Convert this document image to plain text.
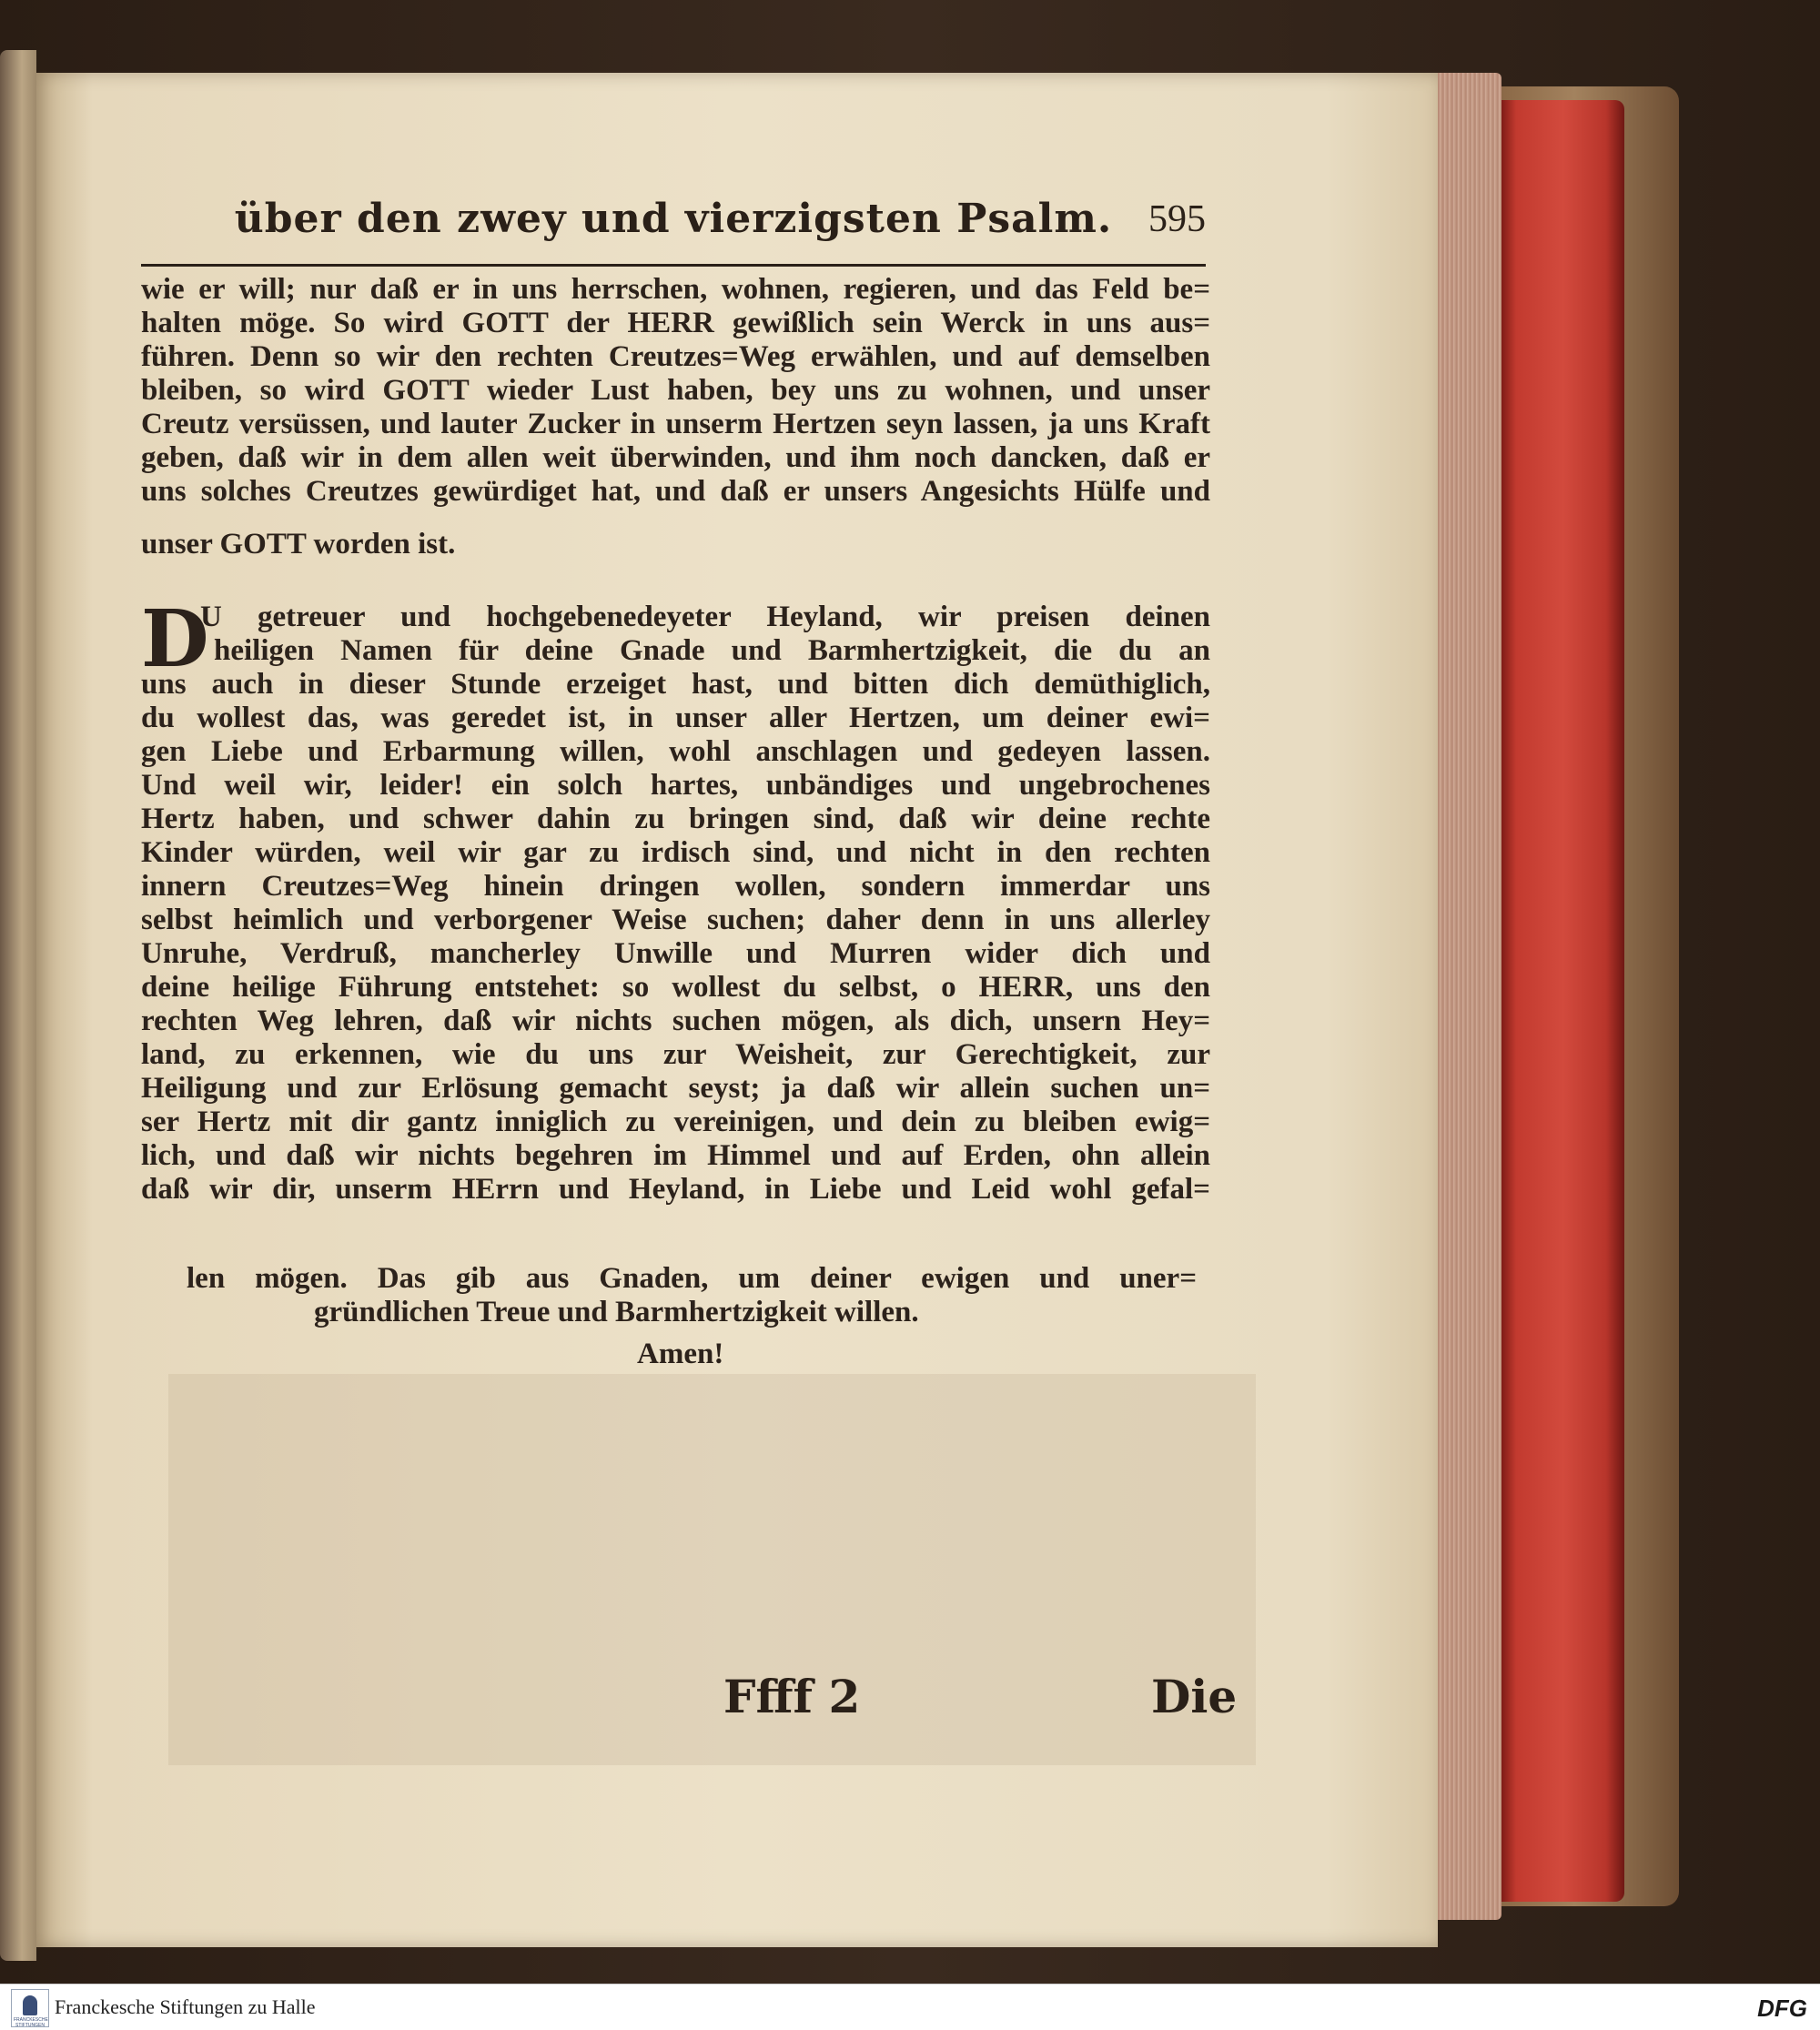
über den zwey und vierzigsten Psalm. 595
wie er will; nur daß er in uns herrschen, wohnen, regieren, und das Feld be=
halten möge. So wird GOTT der HERR gewißlich sein Werck in uns aus=
führen. Denn so wir den rechten Creutzes=Weg erwählen, und auf demselben
bleiben, so wird GOTT wieder Lust haben, bey uns zu wohnen, und unser
Creutz versüssen, und lauter Zucker in unserm Hertzen seyn lassen, ja uns Kraft
geben, daß wir in dem allen weit überwinden, und ihm noch dancken, daß er
uns solches Creutzes gewürdiget hat, und daß er unsers Angesichts Hülfe und
unser GOTT worden ist.
D
U getreuer und hochgebenedeyeter Heyland, wir preisen deinen
heiligen Namen für deine Gnade und Barmhertzigkeit, die du an
uns auch in dieser Stunde erzeiget hast, und bitten dich demüthiglich,
du wollest das, was geredet ist, in unser aller Hertzen, um deiner ewi=
gen Liebe und Erbarmung willen, wohl anschlagen und gedeyen lassen.
Und weil wir, leider! ein solch hartes, unbändiges und ungebrochenes
Hertz haben, und schwer dahin zu bringen sind, daß wir deine rechte
Kinder würden, weil wir gar zu irdisch sind, und nicht in den rechten
innern Creutzes=Weg hinein dringen wollen, sondern immerdar uns
selbst heimlich und verborgener Weise suchen; daher denn in uns allerley
Unruhe, Verdruß, mancherley Unwille und Murren wider dich und
deine heilige Führung entstehet: so wollest du selbst, o HERR, uns den
rechten Weg lehren, daß wir nichts suchen mögen, als dich, unsern Hey=
land, zu erkennen, wie du uns zur Weisheit, zur Gerechtigkeit, zur
Heiligung und zur Erlösung gemacht seyst; ja daß wir allein suchen un=
ser Hertz mit dir gantz inniglich zu vereinigen, und dein zu bleiben ewig=
lich, und daß wir nichts begehren im Himmel und auf Erden, ohn allein
daß wir dir, unserm HErrn und Heyland, in Liebe und Leid wohl gefal=
len mögen. Das gib aus Gnaden, um deiner ewigen und uner=
gründlichen Treue und Barmhertzigkeit willen.
Amen!
Ffff 2	Die
FRANCKESCHE STIFTUNGEN
Franckesche Stiftungen zu Halle	DFG
